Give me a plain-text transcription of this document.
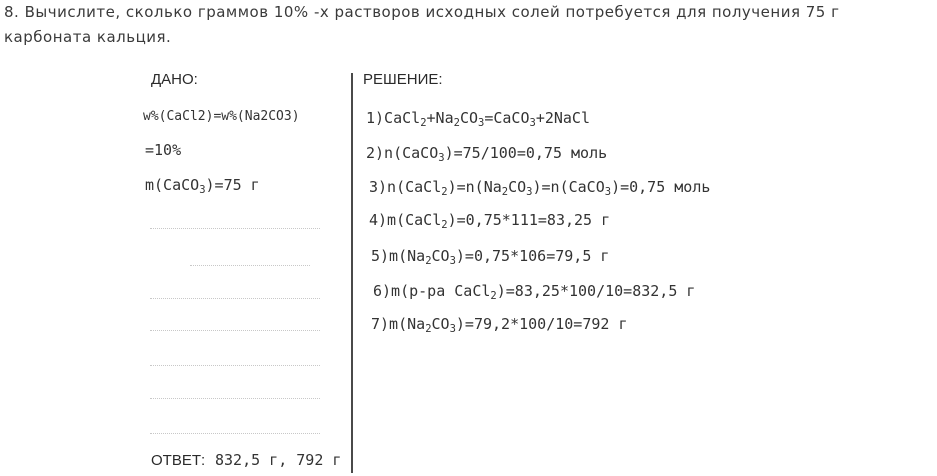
8. Вычислите, сколько граммов 10% -х растворов исходных солей потребуется для получения 75 г карбоната кальция.
ДАНО:
w%(CaCl2)=w%(Na2CO3)
=10%
m(CaCO$_3$)=75 г
РЕШЕНИЕ:
$1)CaCl_2+Na_2CO_3=CaCO_3+2NaCl$
2)n(CaCO$_3$)=75/100=0,75 моль
$3)n(CaCl_2)=n(Na_2CO_3)=n(CaCO_3)=0,75$ моль
4)m(CaCl$_2$)=0,75*111=83,25 г
$5)m(Na_2CO_3)=0,75*106=79,5$ г
6)m(р-ра CaCl$_2$)=83,25*100/10=832,5 г
$7)m(Na_2CO_3)=79,2*100/10=792$ г
ОТВЕТ: 832,5 г, 792 г
